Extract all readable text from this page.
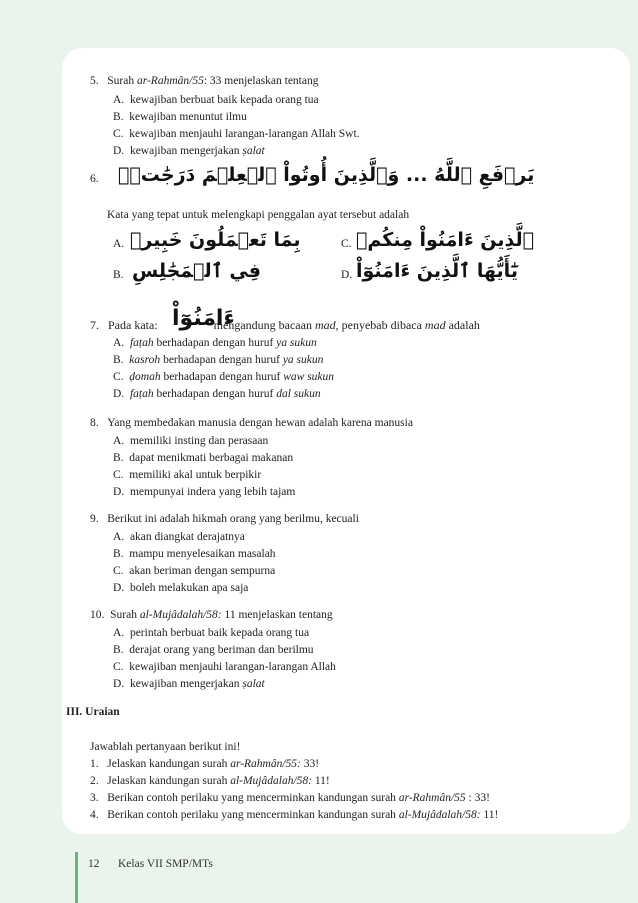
5. Surah ar-Rahmân/55: 33 menjelaskan tentang
A. kewajiban berbuat baik kepada orang tua
B. kewajiban menuntut ilmu
C. kewajiban menjauhi larangan-larangan Allah Swt.
D. kewajiban mengerjakan ṣalat
6. يَرۡفَعِ ٱللَّهُ ... وَٱلَّذِينَ أُوتُواْ ٱلۡعِلۡمَ دَرَجَٰتٖۚ
Kata yang tepat untuk melengkapi penggalan ayat tersebut adalah
A. بِمَا تَعۡمَلُونَ خَبِيرٞ	C. ٱلَّذِينَ ءَامَنُواْ مِنكُمۡ
B. فِي ٱلۡمَجَٰلِسِ	D. يَٰٓأَيُّهَا ٱلَّذِينَ ءَامَنُوٓاْ
7. Pada kata:	mengandung bacaan mad, penyebab dibaca mad adalah
ءَامَنُوٓاْ
A. faṭah berhadapan dengan huruf ya sukun
B. kasroh berhadapan dengan huruf ya sukun
C. ḍomah berhadapan dengan huruf waw sukun
D. faṭah berhadapan dengan huruf dal sukun
8. Yang membedakan manusia dengan hewan adalah karena manusia
A. memiliki insting dan perasaan
B. dapat menikmati berbagai makanan
C. memiliki akal untuk berpikir
D. mempunyai indera yang lebih tajam
9. Berikut ini adalah hikmah orang yang berilmu, kecuali
A. akan diangkat derajatnya
B. mampu menyelesaikan masalah
C. akan beriman dengan sempurna
D. boleh melakukan apa saja
10. Surah al-Mujâdalah/58: 11 menjelaskan tentang
A. perintah berbuat baik kepada orang tua
B. derajat orang yang beriman dan berilmu
C. kewajiban menjauhi larangan-larangan Allah
D. kewajiban mengerjakan ṣalat
III. Uraian
Jawablah pertanyaan berikut ini!
1. Jelaskan kandungan surah ar-Rahmân/55: 33!
2. Jelaskan kandungan surah al-Mujâdalah/58: 11!
3. Berikan contoh perilaku yang mencerminkan kandungan surah ar-Rahmân/55 : 33!
4. Berikan contoh perilaku yang mencerminkan kandungan surah al-Mujâdalah/58: 11!
12 Kelas VII SMP/MTs
